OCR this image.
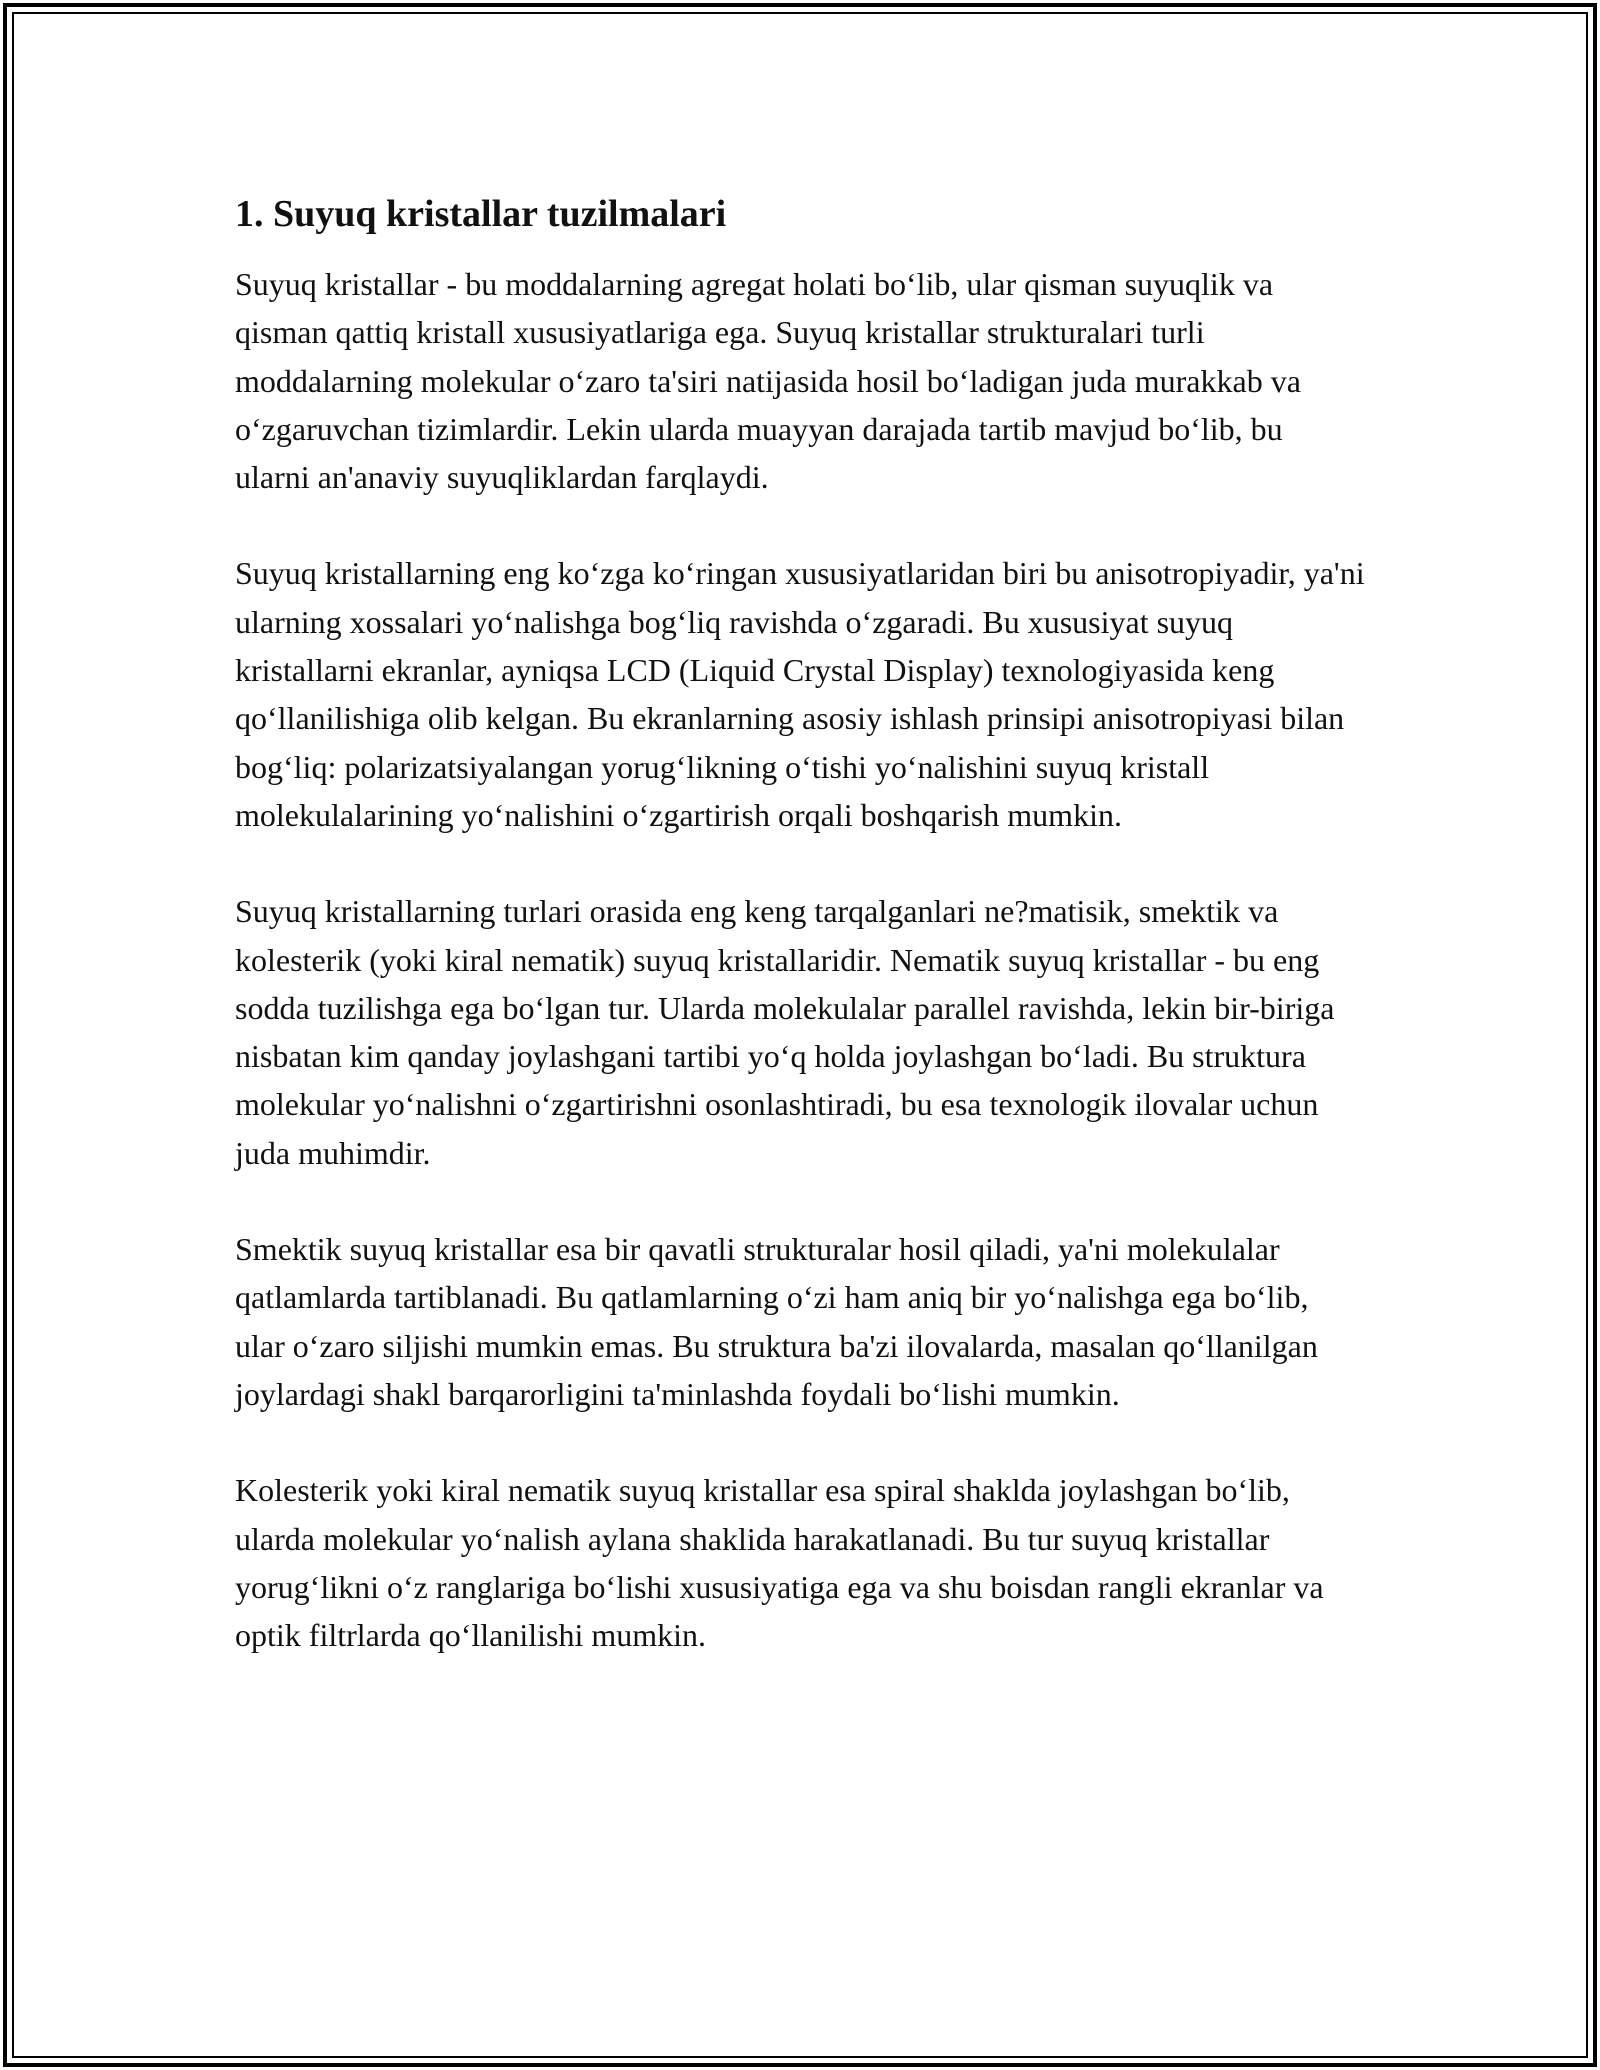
1. Suyuq kristallar tuzilmalari

Suyuq kristallar - bu moddalarning agregat holati bo‘lib, ular qisman suyuqlik va qisman qattiq kristall xususiyatlariga ega. Suyuq kristallar strukturalari turli moddalarning molekular o‘zaro ta'siri natijasida hosil bo‘ladigan juda murakkab va o‘zgaruvchan tizimlardir. Lekin ularda muayyan darajada tartib mavjud bo‘lib, bu ularni an'anaviy suyuqliklardan farqlaydi.

Suyuq kristallarning eng ko‘zga ko‘ringan xususiyatlaridan biri bu anisotropiyadir, ya'ni ularning xossalari yo‘nalishga bog‘liq ravishda o‘zgaradi. Bu xususiyat suyuq kristallarni ekranlar, ayniqsa LCD (Liquid Crystal Display) texnologiyasida keng qo‘llanilishiga olib kelgan. Bu ekranlarning asosiy ishlash prinsipi anisotropiyasi bilan bog‘liq: polarizatsiyalangan yorug‘likning o‘tishi yo‘nalishini suyuq kristall molekulalarining yo‘nalishini o‘zgartirish orqali boshqarish mumkin.

Suyuq kristallarning turlari orasida eng keng tarqalganlari ne?matisik, smektik va kolesterik (yoki kiral nematik) suyuq kristallaridir. Nematik suyuq kristallar - bu eng sodda tuzilishga ega bo‘lgan tur. Ularda molekulalar parallel ravishda, lekin bir-biriga nisbatan kim qanday joylashgani tartibi yo‘q holda joylashgan bo‘ladi. Bu struktura molekular yo‘nalishni o‘zgartirishni osonlashtiradi, bu esa texnologik ilovalar uchun juda muhimdir.

Smektik suyuq kristallar esa bir qavatli strukturalar hosil qiladi, ya'ni molekulalar qatlamlarda tartiblanadi. Bu qatlamlarning o‘zi ham aniq bir yo‘nalishga ega bo‘lib, ular o‘zaro siljishi mumkin emas. Bu struktura ba'zi ilovalarda, masalan qo‘llanilgan joylardagi shakl barqarorligini ta'minlashda foydali bo‘lishi mumkin.

Kolesterik yoki kiral nematik suyuq kristallar esa spiral shaklda joylashgan bo‘lib, ularda molekular yo‘nalish aylana shaklida harakatlanadi. Bu tur suyuq kristallar yorug‘likni o‘z ranglariga bo‘lishi xususiyatiga ega va shu boisdan rangli ekranlar va optik filtrlarda qo‘llanilishi mumkin.
